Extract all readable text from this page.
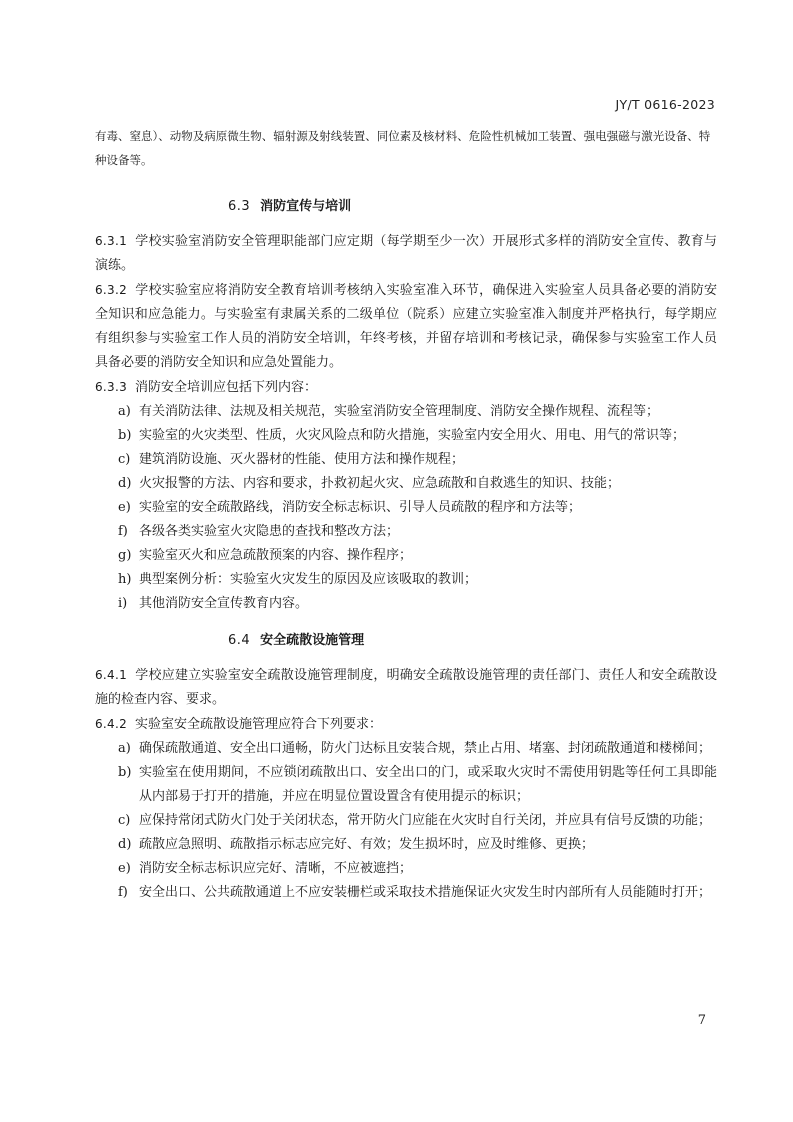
JY/T 0616-2023

有毒、窒息）、动物及病原微生物、辐射源及射线装置、同位素及核材料、危险性机械加工装置、强电强磁与激光设备、特种设备等。

6.3 消防宣传与培训

6.3.1 学校实验室消防安全管理职能部门应定期（每学期至少一次）开展形式多样的消防安全宣传、教育与演练。

6.3.2 学校实验室应将消防安全教育培训考核纳入实验室准入环节，确保进入实验室人员具备必要的消防安全知识和应急能力。与实验室有隶属关系的二级单位（院系）应建立实验室准入制度并严格执行，每学期应有组织参与实验室工作人员的消防安全培训，年终考核，并留存培训和考核记录，确保参与实验室工作人员具备必要的消防安全知识和应急处置能力。

6.3.3 消防安全培训应包括下列内容：

a) 有关消防法律、法规及相关规范，实验室消防安全管理制度、消防安全操作规程、流程等；
b) 实验室的火灾类型、性质，火灾风险点和防火措施，实验室内安全用火、用电、用气的常识等；
c) 建筑消防设施、灭火器材的性能、使用方法和操作规程；
d) 火灾报警的方法、内容和要求，扑救初起火灾、应急疏散和自救逃生的知识、技能；
e) 实验室的安全疏散路线，消防安全标志标识、引导人员疏散的程序和方法等；
f) 各级各类实验室火灾隐患的查找和整改方法；
g) 实验室灭火和应急疏散预案的内容、操作程序；
h) 典型案例分析：实验室火灾发生的原因及应该吸取的教训；
i) 其他消防安全宣传教育内容。
6.4 安全疏散设施管理

6.4.1 学校应建立实验室安全疏散设施管理制度，明确安全疏散设施管理的责任部门、责任人和安全疏散设施的检查内容、要求。

6.4.2 实验室安全疏散设施管理应符合下列要求：

a) 确保疏散通道、安全出口通畅，防火门达标且安装合规，禁止占用、堵塞、封闭疏散通道和楼梯间；
b) 实验室在使用期间，不应锁闭疏散出口、安全出口的门，或采取火灾时不需使用钥匙等任何工具即能从内部易于打开的措施，并应在明显位置设置含有使用提示的标识；
c) 应保持常闭式防火门处于关闭状态，常开防火门应能在火灾时自行关闭，并应具有信号反馈的功能；
d) 疏散应急照明、疏散指示标志应完好、有效；发生损坏时，应及时维修、更换；
e) 消防安全标志标识应完好、清晰，不应被遮挡；
f) 安全出口、公共疏散通道上不应安装栅栏或采取技术措施保证火灾发生时内部所有人员能随时打开；
7
